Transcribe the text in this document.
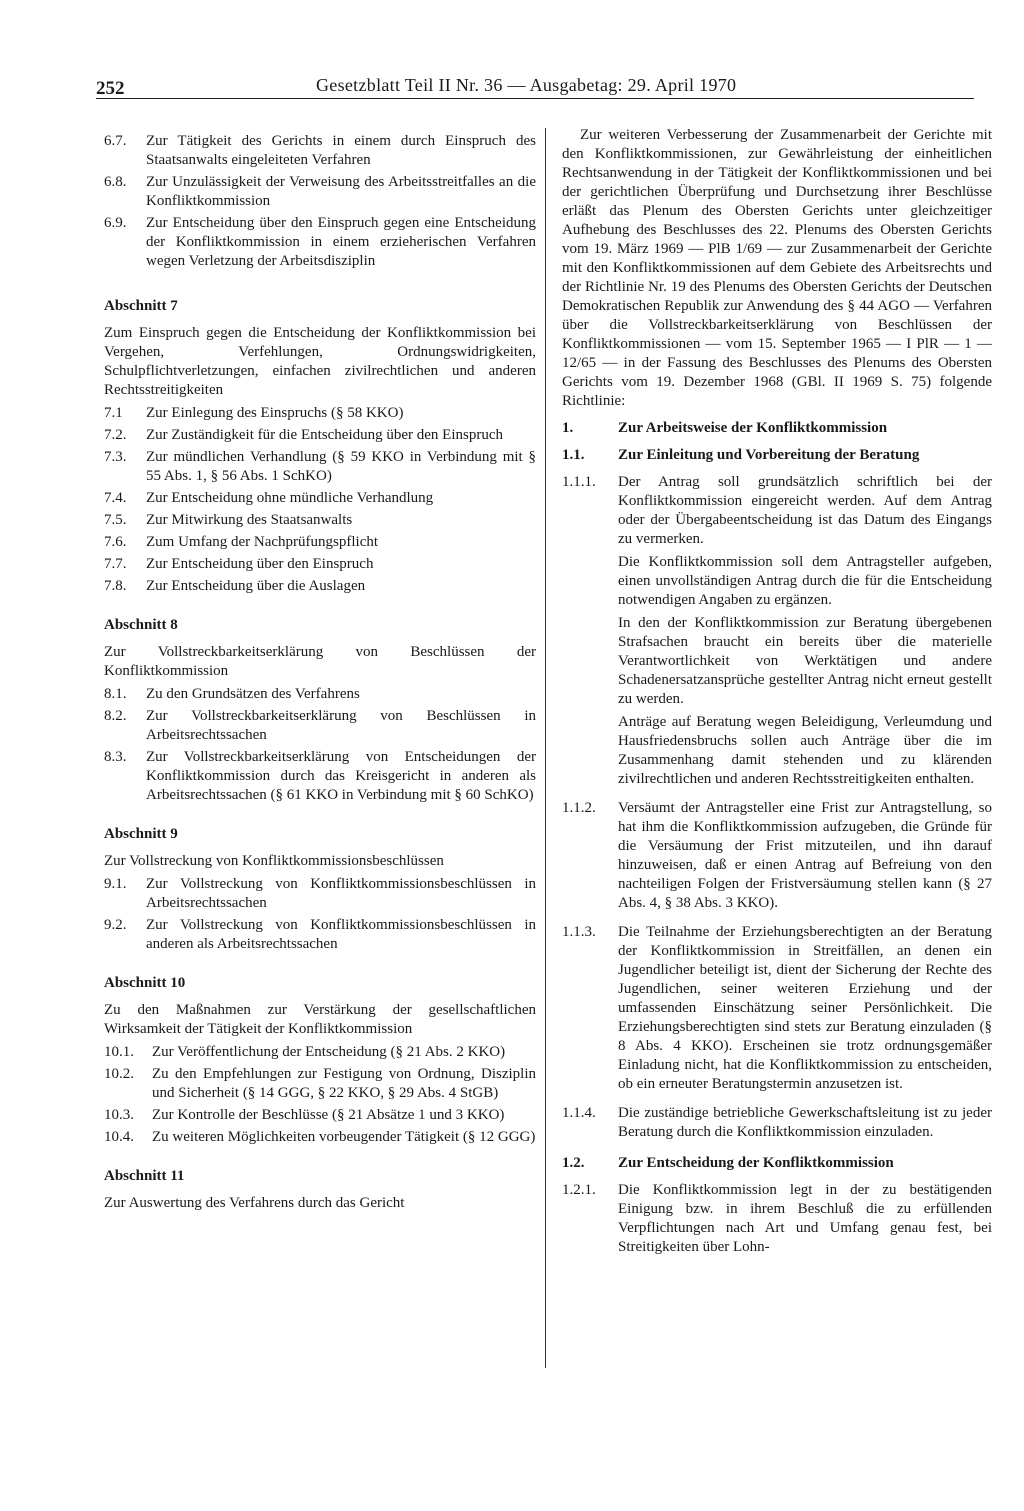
252	Gesetzblatt Teil II Nr. 36 — Ausgabetag: 29. April 1970
6.7.	Zur Tätigkeit des Gerichts in einem durch Einspruch des Staatsanwalts eingeleiteten Verfahren
6.8.	Zur Unzulässigkeit der Verweisung des Arbeitsstreitfalles an die Konfliktkommission
6.9.	Zur Entscheidung über den Einspruch gegen eine Entscheidung der Konfliktkommission in einem erzieherischen Verfahren wegen Verletzung der Arbeitsdisziplin
Abschnitt 7
Zum Einspruch gegen die Entscheidung der Konfliktkommission bei Vergehen, Verfehlungen, Ordnungswidrigkeiten, Schulpflichtverletzungen, einfachen zivilrechtlichen und anderen Rechtsstreitigkeiten
7.1	Zur Einlegung des Einspruchs (§ 58 KKO)
7.2.	Zur Zuständigkeit für die Entscheidung über den Einspruch
7.3.	Zur mündlichen Verhandlung (§ 59 KKO in Verbindung mit § 55 Abs. 1, § 56 Abs. 1 SchKO)
7.4.	Zur Entscheidung ohne mündliche Verhandlung
7.5.	Zur Mitwirkung des Staatsanwalts
7.6.	Zum Umfang der Nachprüfungspflicht
7.7.	Zur Entscheidung über den Einspruch
7.8.	Zur Entscheidung über die Auslagen
Abschnitt 8
Zur Vollstreckbarkeitserklärung von Beschlüssen der Konfliktkommission
8.1.	Zu den Grundsätzen des Verfahrens
8.2.	Zur Vollstreckbarkeitserklärung von Beschlüssen in Arbeitsrechtssachen
8.3.	Zur Vollstreckbarkeitserklärung von Entscheidungen der Konfliktkommission durch das Kreisgericht in anderen als Arbeitsrechtssachen (§ 61 KKO in Verbindung mit § 60 SchKO)
Abschnitt 9
Zur Vollstreckung von Konfliktkommissionsbeschlüssen
9.1.	Zur Vollstreckung von Konfliktkommissionsbeschlüssen in Arbeitsrechtssachen
9.2.	Zur Vollstreckung von Konfliktkommissionsbeschlüssen in anderen als Arbeitsrechtssachen
Abschnitt 10
Zu den Maßnahmen zur Verstärkung der gesellschaftlichen Wirksamkeit der Tätigkeit der Konfliktkommission
10.1.	Zur Veröffentlichung der Entscheidung (§ 21 Abs. 2 KKO)
10.2.	Zu den Empfehlungen zur Festigung von Ordnung, Disziplin und Sicherheit (§ 14 GGG, § 22 KKO, § 29 Abs. 4 StGB)
10.3.	Zur Kontrolle der Beschlüsse (§ 21 Absätze 1 und 3 KKO)
10.4.	Zu weiteren Möglichkeiten vorbeugender Tätigkeit (§ 12 GGG)
Abschnitt 11
Zur Auswertung des Verfahrens durch das Gericht

Zur weiteren Verbesserung der Zusammenarbeit der Gerichte mit den Konfliktkommissionen, zur Gewährleistung der einheitlichen Rechtsanwendung in der Tätigkeit der Konfliktkommissionen und bei der gerichtlichen Überprüfung und Durchsetzung ihrer Beschlüsse erläßt das Plenum des Obersten Gerichts unter gleichzeitiger Aufhebung des Beschlusses des 22. Plenums des Obersten Gerichts vom 19. März 1969 — PlB 1/69 — zur Zusammenarbeit der Gerichte mit den Konfliktkommissionen auf dem Gebiete des Arbeitsrechts und der Richtlinie Nr. 19 des Plenums des Obersten Gerichts der Deutschen Demokratischen Republik zur Anwendung des § 44 AGO — Verfahren über die Vollstreckbarkeitserklärung von Beschlüssen der Konfliktkommissionen — vom 15. September 1965 — I PlR — 1 — 12/65 — in der Fassung des Beschlusses des Plenums des Obersten Gerichts vom 19. Dezember 1968 (GBl. II 1969 S. 75) folgende Richtlinie:

1.	Zur Arbeitsweise der Konfliktkommission
1.1.	Zur Einleitung und Vorbereitung der Beratung
1.1.1.	Der Antrag soll grundsätzlich schriftlich bei der Konfliktkommission eingereicht werden. Auf dem Antrag oder der Übergabeentscheidung ist das Datum des Eingangs zu vermerken.

Die Konfliktkommission soll dem Antragsteller aufgeben, einen unvollständigen Antrag durch die für die Entscheidung notwendigen Angaben zu ergänzen.

In den der Konfliktkommission zur Beratung übergebenen Strafsachen braucht ein bereits über die materielle Verantwortlichkeit von Werktätigen und andere Schadenersatzansprüche gestellter Antrag nicht erneut gestellt zu werden.

Anträge auf Beratung wegen Beleidigung, Verleumdung und Hausfriedensbruchs sollen auch Anträge über die im Zusammenhang damit stehenden und zu klärenden zivilrechtlichen und anderen Rechtsstreitigkeiten enthalten.

1.1.2.	Versäumt der Antragsteller eine Frist zur Antragstellung, so hat ihm die Konfliktkommission aufzugeben, die Gründe für die Versäumung der Frist mitzuteilen, und ihn darauf hinzuweisen, daß er einen Antrag auf Befreiung von den nachteiligen Folgen der Fristversäumung stellen kann (§ 27 Abs. 4, § 38 Abs. 3 KKO).

1.1.3.	Die Teilnahme der Erziehungsberechtigten an der Beratung der Konfliktkommission in Streitfällen, an denen ein Jugendlicher beteiligt ist, dient der Sicherung der Rechte des Jugendlichen, seiner weiteren Erziehung und der umfassenden Einschätzung seiner Persönlichkeit. Die Erziehungsberechtigten sind stets zur Beratung einzuladen (§ 8 Abs. 4 KKO). Erscheinen sie trotz ordnungsgemäßer Einladung nicht, hat die Konfliktkommission zu entscheiden, ob ein erneuter Beratungstermin anzusetzen ist.

1.1.4.	Die zuständige betriebliche Gewerkschaftsleitung ist zu jeder Beratung durch die Konfliktkommission einzuladen.

1.2.	Zur Entscheidung der Konfliktkommission
1.2.1.	Die Konfliktkommission legt in der zu bestätigenden Einigung bzw. in ihrem Beschluß die zu erfüllenden Verpflichtungen nach Art und Umfang genau fest, bei Streitigkeiten über Lohn-
